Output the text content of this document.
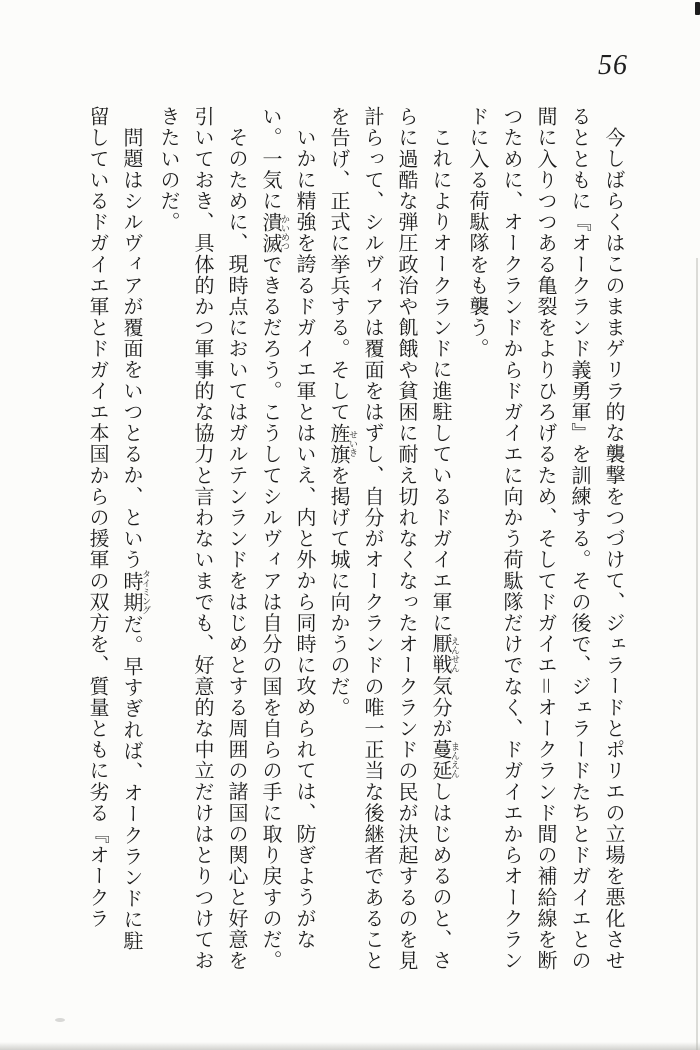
56

今しばらくはこのままゲリラ的な襲撃をつづけて、ジェラードとポリエの立場を悪化させるとともに『オークランド義勇軍』を訓練する。その後で、ジェラードたちとドガイエとの間に入りつつある亀裂をよりひろげるため、そしてドガイエ＝オークランド間の補給線を断つために、オークランドからドガイエに向かう荷駄隊だけでなく、ドガイエからオークランドに入る荷駄隊をも襲う。

これによりオークランドに進駐しているドガイエ軍に厭戦 えんせん気分が蔓延 まんえんしはじめるのと、さらに過酷な弾圧政治や飢餓や貧困に耐え切れなくなったオークランドの民が決起するのを見計らって、シルヴィアは覆面をはずし、自分がオークランドの唯一正当な後継者であることを告げ、正式に挙兵する。そして旌旗 せいきを掲げて城に向かうのだ。

いかに精強を誇るドガイエ軍とはいえ、内と外から同時に攻められては、防ぎようがない。一気に潰滅 かいめつできるだろう。こうしてシルヴィアは自分の国を自らの手に取り戻すのだ。

そのために、現時点においてはガルテンランドをはじめとする周囲の諸国の関心と好意を引いておき、具体的かつ軍事的な協力と言わないまでも、好意的な中立だけはとりつけておきたいのだ。

問題はシルヴィアが覆面をいつとるか、という時期 タイミングだ。早すぎれば、オークランドに駐留しているドガイエ軍とドガイエ本国からの援軍の双方を、質量ともに劣る『オークラ
